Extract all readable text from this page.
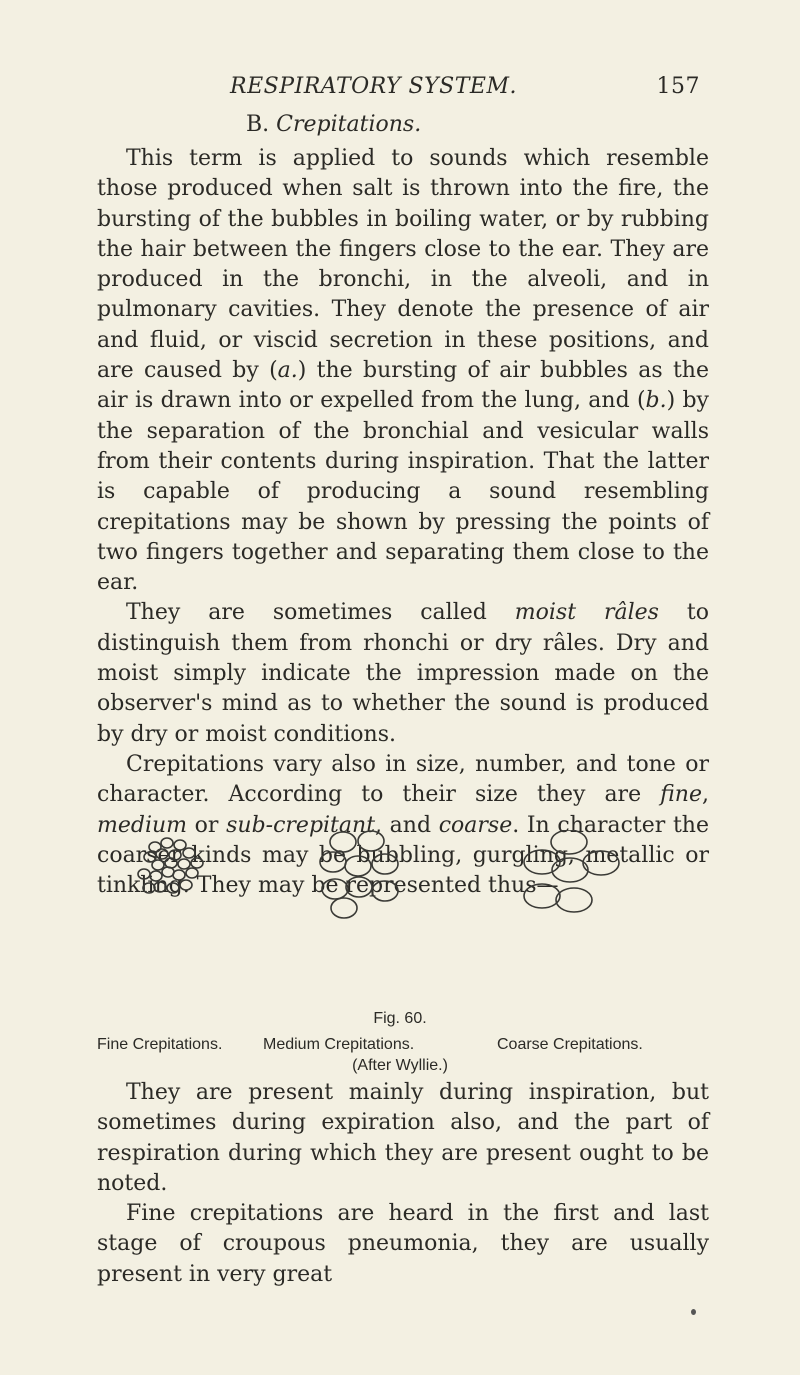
RESPIRATORY SYSTEM.	157
B. Crepitations.

This term is applied to sounds which resemble those produced when salt is thrown into the fire, the bursting of the bubbles in boiling water, or by rubbing the hair between the fingers close to the ear. They are produced in the bronchi, in the alveoli, and in pulmonary cavities. They denote the presence of air and fluid, or viscid secretion in these positions, and are caused by (a.) the bursting of air bubbles as the air is drawn into or expelled from the lung, and (b.) by the separation of the bronchial and vesicular walls from their contents during inspiration. That the latter is capable of producing a sound resembling crepitations may be shown by pressing the points of two fingers together and separating them close to the ear.

They are sometimes called moist râles to distinguish them from rhonchi or dry râles. Dry and moist simply indicate the impression made on the observer's mind as to whether the sound is produced by dry or moist conditions.

Crepitations vary also in size, number, and tone or character. According to their size they are fine, medium or sub-crepitant, and coarse. In character the coarser kinds may be bubbling, gurgling, metallic or tinkling. They may be represented thus—

Fig. 60.
Fine Crepitations.	Medium Crepitations.	Coarse Crepitations.
(After Wyllie.)

They are present mainly during inspiration, but sometimes during expiration also, and the part of respiration during which they are present ought to be noted.

Fine crepitations are heard in the first and last stage of croupous pneumonia, they are usually present in very great
